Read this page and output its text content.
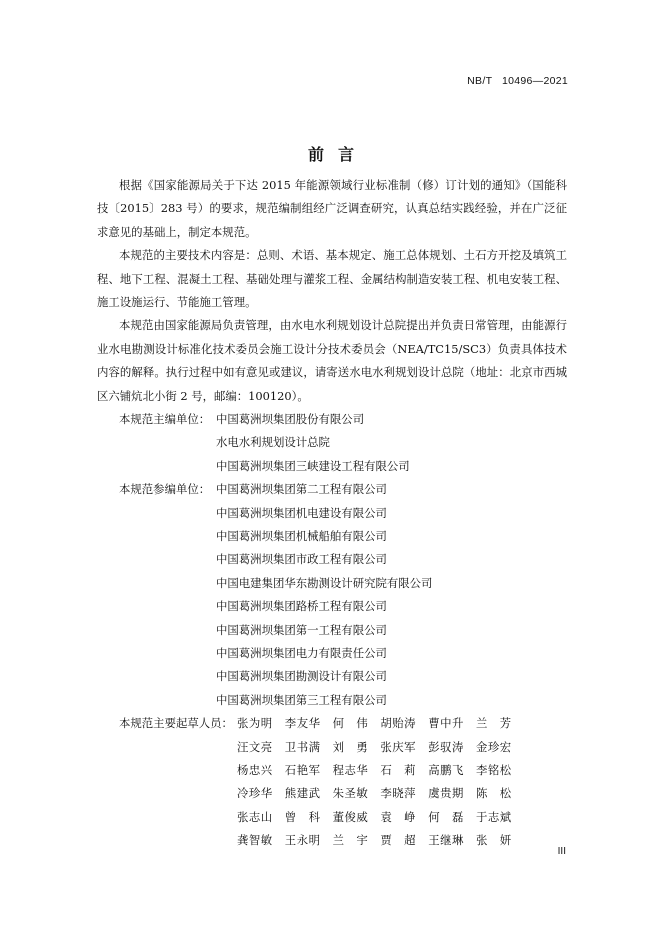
NB/T   10496—2021
前言

根据《国家能源局关于下达 2015 年能源领域行业标准制（修）订计划的通知》（国能科技〔2015〕283 号）的要求，规范编制组经广泛调查研究，认真总结实践经验，并在广泛征求意见的基础上，制定本规范。

本规范的主要技术内容是：总则、术语、基本规定、施工总体规划、土石方开挖及填筑工程、地下工程、混凝土工程、基础处理与灌浆工程、金属结构制造安装工程、机电安装工程、施工设施运行、节能施工管理。

本规范由国家能源局负责管理，由水电水利规划设计总院提出并负责日常管理，由能源行业水电勘测设计标准化技术委员会施工设计分技术委员会（NEA/TC15/SC3）负责具体技术内容的解释。执行过程中如有意见或建议，请寄送水电水利规划设计总院（地址：北京市西城区六铺炕北小街 2 号，邮编：100120）。

本规范主编单位： 中国葛洲坝集团股份有限公司
水电水利规划设计总院
中国葛洲坝集团三峡建设工程有限公司
本规范参编单位： 中国葛洲坝集团第二工程有限公司
中国葛洲坝集团机电建设有限公司
中国葛洲坝集团机械船舶有限公司
中国葛洲坝集团市政工程有限公司
中国电建集团华东勘测设计研究院有限公司
中国葛洲坝集团路桥工程有限公司
中国葛洲坝集团第一工程有限公司
中国葛洲坝集团电力有限责任公司
中国葛洲坝集团勘测设计有限公司
中国葛洲坝集团第三工程有限公司
本规范主要起草人员： 张为明	李友华	何　伟	胡贻涛	曹中升	兰　芳
汪文亮	卫书满	刘　勇	张庆军	彭驭涛	金珍宏
杨忠兴	石艳军	程志华	石　莉	高鹏飞	李铭松
冷珍华	熊建武	朱圣敏	李晓萍	虞贵期	陈　松
张志山	曾　科	董俊威	袁　峥	何　磊	于志斌
龚智敏	王永明	兰　宇	贾　超	王继琳	张　妍
III
